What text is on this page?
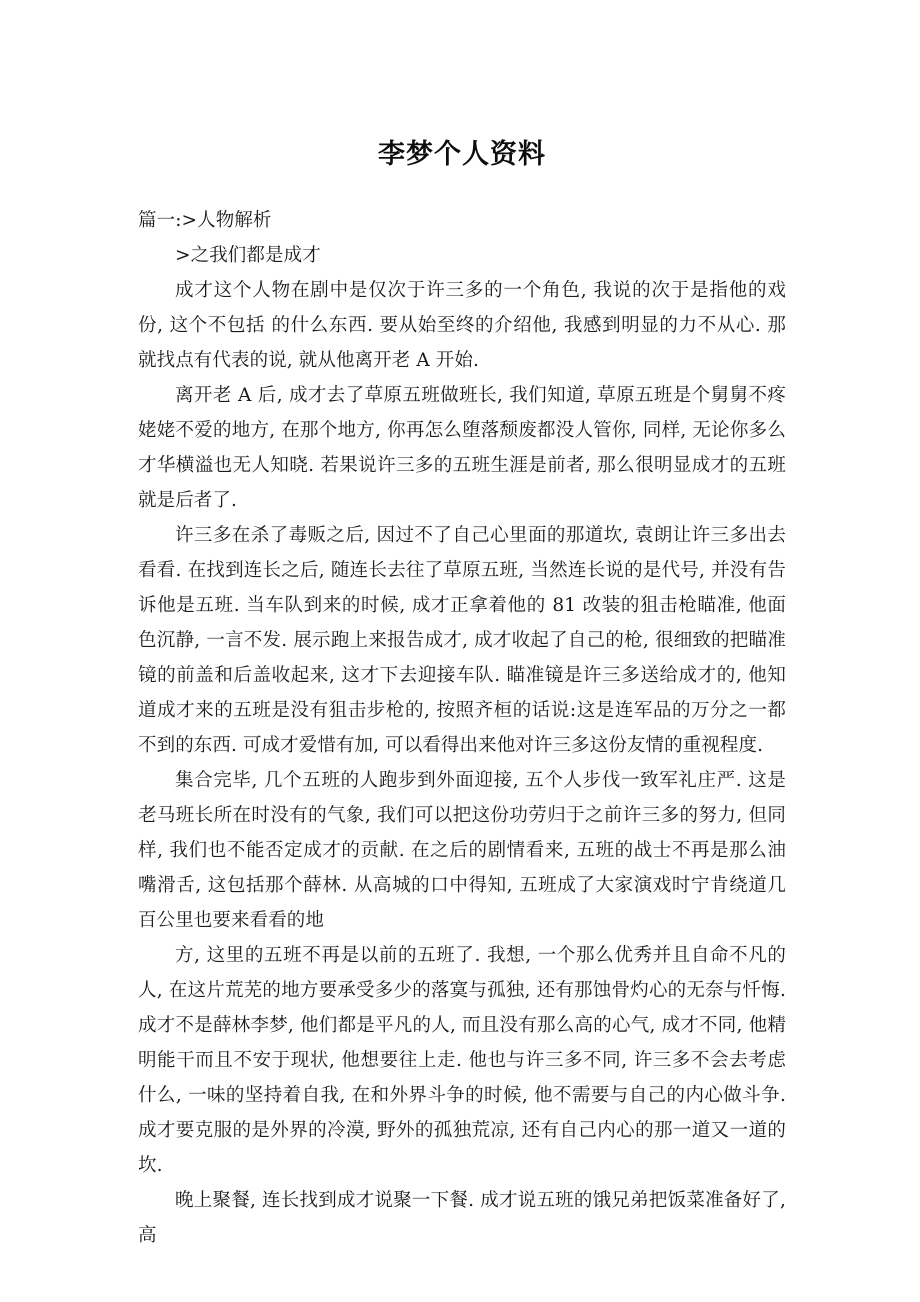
李梦个人资料

篇一:>人物解析

>之我们都是成才

成才这个人物在剧中是仅次于许三多的一个角色, 我说的次于是指他的戏份, 这个不包括 的什么东西. 要从始至终的介绍他, 我感到明显的力不从心. 那就找点有代表的说, 就从他离开老 A 开始.

离开老 A 后, 成才去了草原五班做班长, 我们知道, 草原五班是个舅舅不疼姥姥不爱的地方, 在那个地方, 你再怎么堕落颓废都没人管你, 同样, 无论你多么才华横溢也无人知晓. 若果说许三多的五班生涯是前者, 那么很明显成才的五班就是后者了.

许三多在杀了毒贩之后, 因过不了自己心里面的那道坎, 袁朗让许三多出去看看. 在找到连长之后, 随连长去往了草原五班, 当然连长说的是代号, 并没有告诉他是五班. 当车队到来的时候, 成才正拿着他的 81 改装的狙击枪瞄准, 他面色沉静, 一言不发. 展示跑上来报告成才, 成才收起了自己的枪, 很细致的把瞄准镜的前盖和后盖收起来, 这才下去迎接车队. 瞄准镜是许三多送给成才的, 他知道成才来的五班是没有狙击步枪的, 按照齐桓的话说:这是连军品的万分之一都不到的东西. 可成才爱惜有加, 可以看得出来他对许三多这份友情的重视程度.

集合完毕, 几个五班的人跑步到外面迎接, 五个人步伐一致军礼庄严. 这是老马班长所在时没有的气象, 我们可以把这份功劳归于之前许三多的努力, 但同样, 我们也不能否定成才的贡献. 在之后的剧情看来, 五班的战士不再是那么油嘴滑舌, 这包括那个薛林. 从高城的口中得知, 五班成了大家演戏时宁肯绕道几百公里也要来看看的地

方, 这里的五班不再是以前的五班了. 我想, 一个那么优秀并且自命不凡的人, 在这片荒芜的地方要承受多少的落寞与孤独, 还有那蚀骨灼心的无奈与忏悔. 成才不是薛林李梦, 他们都是平凡的人, 而且没有那么高的心气, 成才不同, 他精明能干而且不安于现状, 他想要往上走. 他也与许三多不同, 许三多不会去考虑什么, 一味的坚持着自我, 在和外界斗争的时候, 他不需要与自己的内心做斗争. 成才要克服的是外界的冷漠, 野外的孤独荒凉, 还有自己内心的那一道又一道的坎.

晚上聚餐, 连长找到成才说聚一下餐. 成才说五班的饿兄弟把饭菜准备好了, 高
